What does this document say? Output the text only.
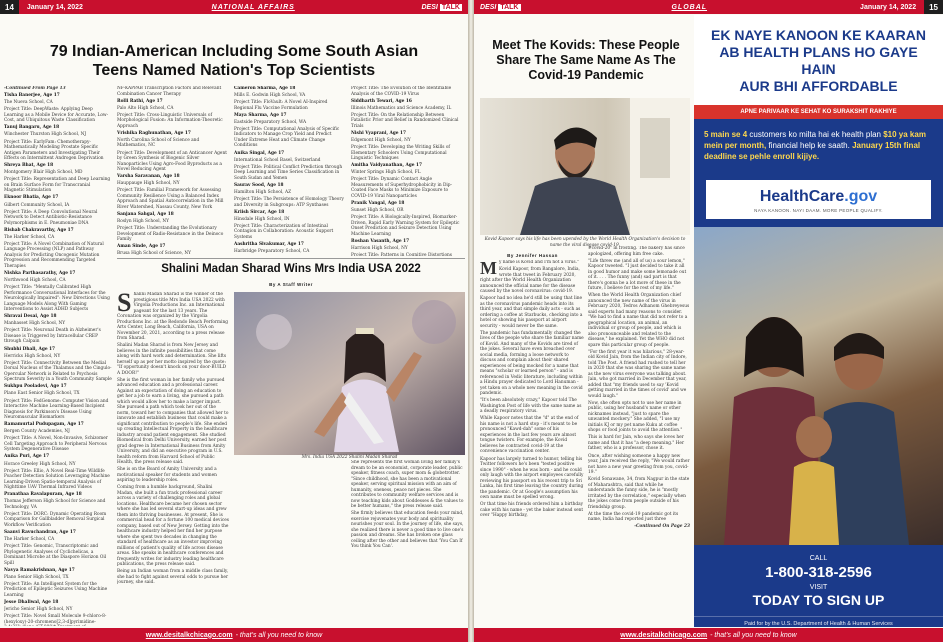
14	January 14, 2022	NATIONAL AFFAIRS	DESI TALK
79 Indian-American Including Some South Asian Teens Named Nation's Top Scientists

-Continued From Page 13

Tisha Banerjee, Age 17

The Nueva School, CA

Project Title: DeepWaste: Applying Deep Learning as a Mobile Device for Accurate, Low-Cost, and Ubiquitous Waste Classification

Tanuj Bangaru, Age 18

Winchester Thurston High School, NJ

Project Title: EarlyFam: Chemotherapy-Mathematically Modeling Prostate Specific Antigen Parameters and Investigating Their Effects on Intermittent Androgen Deprivation

Shreya Bhat, Age 18

Montgomery Blair High School, MD

Project Title: Representation and Deep Learning on Brain Surface Form for Transcranial Magnetic Stimulation

Eknoor Bhatia, Age 17

Gilbert Community School, IA

Project Title: A Deep Convolutional Neural Network to Detect Antibiotic-Resistance Polymorphisms in E. Pneumoniae DNA

Rishab Chakravarthy, Age 17

The Harker School, CA

Project Title: A Novel Combination of Natural Language Processing (NLP) and Pathway Analysis for Predicting Oncogenic Mutation Progression and Recommending Targeted Therapies

Nishka Parthasarathy, Age 17

Northwood High School, CA

Project Title: "Mentally Calibrated High Performance Conversational Interfaces for the Neurologically Impaired": New Directions Using Language Models Along With Gaming Interventions to Assist ADHD Subjects

Shravai Desai, Age 18

Manhasset High School, NY

Project Title: Neuronal Death in Alzheimer's Disease is Triggered by Intracellular CREP through Calpain

Shubhi Dhali, Age 17

Herricks High School, NY

Project Title: Connectivity Between the Medial Dorsal Nucleus of the Thalamus and the Cingulo-Opercular Network is Related to Psychosis Spectrum Severity in a Youth Community Sample

Sukhpu Pooladevi, Age 17

Plano East Senior High School, TX

Project Title: FedGenome: Computer Vision and Interactive Machine Learning-Based Incipient Diagnosis for Parkinson's Disease Using Neuromuscular Biomarkers

Ramamurtal Pudupagam, Age 17

Bergen County Academies, NJ

Project Title: A Novel, Non-Invasive, Schizomer Cell Targeting Approach to Peripheral Nervous System Degenerative Disease

Anika Puri, Age 17

Horace Greeley High School, NY

Project Title: Ellio, A Novel Real-Time Wildlife Poacher Detection Solution Leveraging Machine Learning-Driven Spatio-temporal Analysis of Nighttime UAV Thermal Infrared Videos

Pranathaa Ravalapuram, Age 18

Thomas Jefferson High School for Science and Technology, VA

Project Title: DORC: Dynamic Operating Room Comparison for Gallbladder Removal Surgical Workflow Verification

Saanvi Ravuchandran, Age 17

The Harker School, CA

Project Title: Genomic, Transcriptomic and Phylogenetic Analyses of Cyclichelicas, a Dominant Microbe at the Diaspore Horizon Oil Spill

Navya Ramakrishnan, Age 17

Plano Senior High School, TX

Project Title: An Intelligent System for the Prediction of Epileptic Seizures Using Machine Learning

Jesse Dhaliwal, Age 18

Jericho Senior High School, NY

Project Title: Novel Small Molecule 9-chloro-8-(hexyloxy)-20-chromeno[2,3-d]pyrimidine-

NF-KAPPAB Transcription Factors and Relevant Combination Cancer Therapy

Rolli Rathi, Age 17

Palo Alto High School, CA

Project Title: Cross-Linguistic Universals of Morphological Fusion: An Information-Theoretic Approach

Vrishika Raghunathan, Age 17

North Carolina School of Science and Mathematics, NC

Project Title: Development of an Anticancer Agent by Green Synthesis of Biogenic Silver Nanoparticles Using Agro-Food Byproducts as a Novel Reducing Agent

Varsha Saravanan, Age 18

Hauppauge High School, NY

Project Title: Familial Framework for Assessing Community Resilience Using a Balanced Index Approach and Spatial Autocorrelation in the Mill River Watershed, Nassau County, New York

Sanjana Sahgal, Age 18

Roslyn High School, NY

Project Title: Understanding the Evolutionary Development of Radio-Resistance in the Deinoco Family

Aman Sinde, Age 17

Brusa High School of Science, NY

Cameron Sharma, Age 18

Mills E. Godwin High School, VA

Project Title: FloVault: A Novel AI-Inspired Regional Flu Vaccine Formulation

Maya Sharma, Age 17

Eastside Preparatory School, WA

Project Title: Computational Analysis of Specific Indicators to Manage Crop Yield and Predict Under Extreme Heat and Climate Change Conditions

Anika Singal, Age 17

International School Basel, Switzerland

Project Title: Political Conflict Prediction through Deep Learning and Time Series Classification in South Sudan and Yemen

Saurav Sood, Age 18

Hamilton High School, AZ

Project Title: The Persistence of Homology Theory and Diversity in Subgroups: ATP Synthases

Kriish Sircar, Age 18

Hinsdale High School, IN

Project Title: Characterization of Intestinal Contagion in Collaboration: Acoustic Support Systems

Aashritha Sivakumar, Age 17

Harbridge Preparatory School, CA

Project Title: The Evolution of the Identifiable Analysis of the COVID-19 Virus

Siddharth Tewari, Age 16

Illinois Mathematics and Science Academy, IL

Project Title: On the Relationship Between Fatalistic Prior and Belief in Randomized Clinical Trials

Nishi Vyaprani, Age 17

Edgemont High School, NY

Project Title: Developing the Writing Skills of Elementary Schoolers Using Computational Linguistic Techniques

Amitha Vaidyanathan, Age 17

Winter Springs High School, FL

Project Title: Dynamic Contact Angle Measurements of Superhydrophobicity in Dip-Coated Face Masks to Minimize Exposure to COVID-19 Viral Nanoparticles

Pranik Vangal, Age 18

Sunset High School, OR

Project Title: A Biologically-Inspired, Biomarker-Driven, Rapid Early Warning System for Epileptic Onset Prediction and Seizure Detection Using Machine Learning

Roshan Vasanth, Age 17

Harrison High School, NY

Project Title: Patterns in Cognitive Distortions

Shalini Madan Sharad Wins Mrs India USA 2022
By A Staff Writer
S halini Madan Sharad is the winner of the prestigious title Mrs India USA 2022 with Virgolia Productions Inc. an International pageant for the last 13 years. The Coronation was organized by the Virgolia Productions Inc. at the Redondo Beach Performing Arts Center, Long Beach, California, USA on November 20, 2021, according to a press release from Sharad.

Shalini Madan Sharad is from New Jersey and believes in the infinite possibilities that come along with hard work and determination. She lifts herself up as per her motto inspired by the quote: "If opportunity doesn't knock on your door-BUILD A DOOR!"

She is the first woman in her family who pursued advanced education and a professional career. Against an expectation of doing an education to get her a job to earn a living, she pursued a path which would allow her to make a larger impact. She pursued a path which took her out of the norm, toward her to companies that allowed her to innovate and establish business that could make a significant contribution to people's life. She ended up creating Intellectual Property in the healthcare industry around patient engagement. She studied Biomedical from Delhi University, earned her post grad degree in International Business from Amity University, and did an executive program in U.S. health reform from Harvard School of Public Health, the press release said.

She is on the Board of Amity University and a motivational speaker for students and women aspiring to leadership roles.

Coming from a humble background, Shalini Madan, she built a fun track professional career across a variety of challenging roles and global locations. Healthcare became her chosen sector where she has led several start-up ideas and grew them into thriving businesses. At present, She is commercial head for a fortune 100 medical devices company, based out of New Jersey. Getting into the healthcare industry helped her find her purpose where she spent two decades in changing the standard of healthcare as an investor improving millions of patient's quality of life across disease areas. She speaks in healthcare conferences and frequently writes for industry leading healthcare publications, the press release said.

Being an Indian woman from a middle class family, she had to fight against several odds to pursue her journey, she said.

She represents the first woman living her family's dream to be an economist, corporate leader, public speaker, fitness coach, super mom & globetrotter. "Since childhood, she has been a motivational speaker, serving spiritual mission with an aim of humanity, oneness, peace not pieces. She contributes to community welfare services and is now teaching kids about Goddesses & the values to be better humans," the press release said.

She firmly believes that education feeds your mind, exercise rejuvenates your body and spirituality nourishes your soul. In the journey of life, she says, she realized there is never a good time to live one's passion and dreams. She has broken one glass ceiling after the other and believes that 'You Can If You think You Can'.

Mrs. India USA 2022 Shalini Madan Sharad
www.desitalkchicago.com - that's all you need to know
DESI TALK	GLOBAL	January 14, 2022	15
Meet The Kovids: These People Share The Same Name As The Covid-19 Pandemic
Kovid Kapoor says his life has been upended by the World Health Organization's decision to name the viral disease covid-19.
By Jennifer Hassan
M y name is Kovid and I'm not a virus."

Kovid Kapoor, from Bangalore, India, wrote that tweet in February 2020, right after the World Health Organization announced the official name for the disease caused by the novel coronavirus: covid-19.

Kapoor had no idea he'd still be using that line as the coronavirus pandemic heads into its third year, and that simple daily acts - such as ordering a coffee at Starbucks, checking into a hotel or showing his passport at airport security - would never be the same.

The pandemic has fundamentally changed the lives of the people who share the familiar name of Kovid. And many of the Kovids are tired of the jokes. Several have even breached over social media, forming a loose network to discuss and complain about their shared experiences of being mocked for a name that means "scholar or learned person" - and is referenced in Vedic literature, including within a Hindu prayer dedicated to Lord Hanuman - yet taken on a whole new meaning in the covid pandemic.

"It's been absolutely crazy," Kapoor told The Washington Post of life with the same name as a deadly respiratory virus.

While Kapoor notes that the "d" at the end of his name is not a hard stop - it's meant to be pronounced "Kawd-dah" some of his experiences in the last few years are almost tongue twisters. For example, the Kovid believes he contracted covid-19 at the convenience vaccination center.

Kapoor has largely turned to humor, telling his Twitter followers he's been "tested positive since 1990" - when he was born - and he could only laugh with the airport employees carefully reviewing his passport on his recent trip to Sri Lanka, his first time leaving the country during the pandemic. Or at Google's assumption his own name must be spelled wrong.

Or that time his friends ordered him a birthday cake with his name - yet the baker instead sent over "Happy birthday,

#covid-20" in frosting. The bakery has since apologized, offering him free cake.

"Life threw me (and all of us) a sour lemon," Kapoor tweeted. "I just decided to take it all in good humor and make some lemonade out of it. . . . The funny (and) sad part is that there's gonna be a lot more of these in the future, I believe for the rest of my life."

When the World Health Organization chief announced the new name of the virus in February 2020, Tedros Adhanom Ghebreyesus said experts had many reasons to consider. "We had to find a name that did not refer to a geographical location, an animal, an individual or group of people, and which is also pronounceable and related to the disease," he explained. Yet the WHO did not spare this particular group of people.

"For the first year it was hilarious," 28-year-old Kovid Jain, from the Indian city of Indore, told The Post. A friend had rushed to tell her in 2020 that she was sharing the same name as the new virus everyone was talking about. Jain, who got married in December that year, added that "my friends used to say 'Kovid getting married in the times of covid' and we would laugh."

Now, she often opts not to use her name in public, using her husband's name or other nicknames instead, "just to spare the unwanted mockery." She added, "I use my initials KJ or my pet name Kuku at coffee shops or food joints to avoid the attention."

This is hard for Jain, who says she loves her name and that it has "a deep meaning." Her father, who is a professor, chose it.

Once, after wishing someone a happy new year, Jain received the reply, "We would rather not have a new year greeting from you, covid-19."

Kovid Sonawane, 34, from Nagpur in the state of Maharashtra, said that while he understands the funny side, he is "mostly irritated by the correlation," especially when the jokes come from people outside of his friendship group.

At the time the covid-19 pandemic got its name, India had reported just three

-Continued On Page 23

EK NAYE KANOON KE KAARAN
AB HEALTH PLANS HO GAYE HAIN
AUR BHI AFFORDABLE
APNE PARIVAAR KE SEHAT KO SURAKSHIT RAKHIYE
5 main se 4 customers ko milta hai ek health plan $10 ya kam mein per month, financial help ke saath. January 15th final deadline se pehle enroll kijiye.
HealthCare.gov
NAYA KANOON. NAYI DAAM. MORE PEOPLE QUALIFY.
CALL
1-800-318-2596
VISIT
TODAY TO SIGN UP
Paid for by the U.S. Department of Health & Human Services
www.desitalkchicago.com - that's all you need to know
